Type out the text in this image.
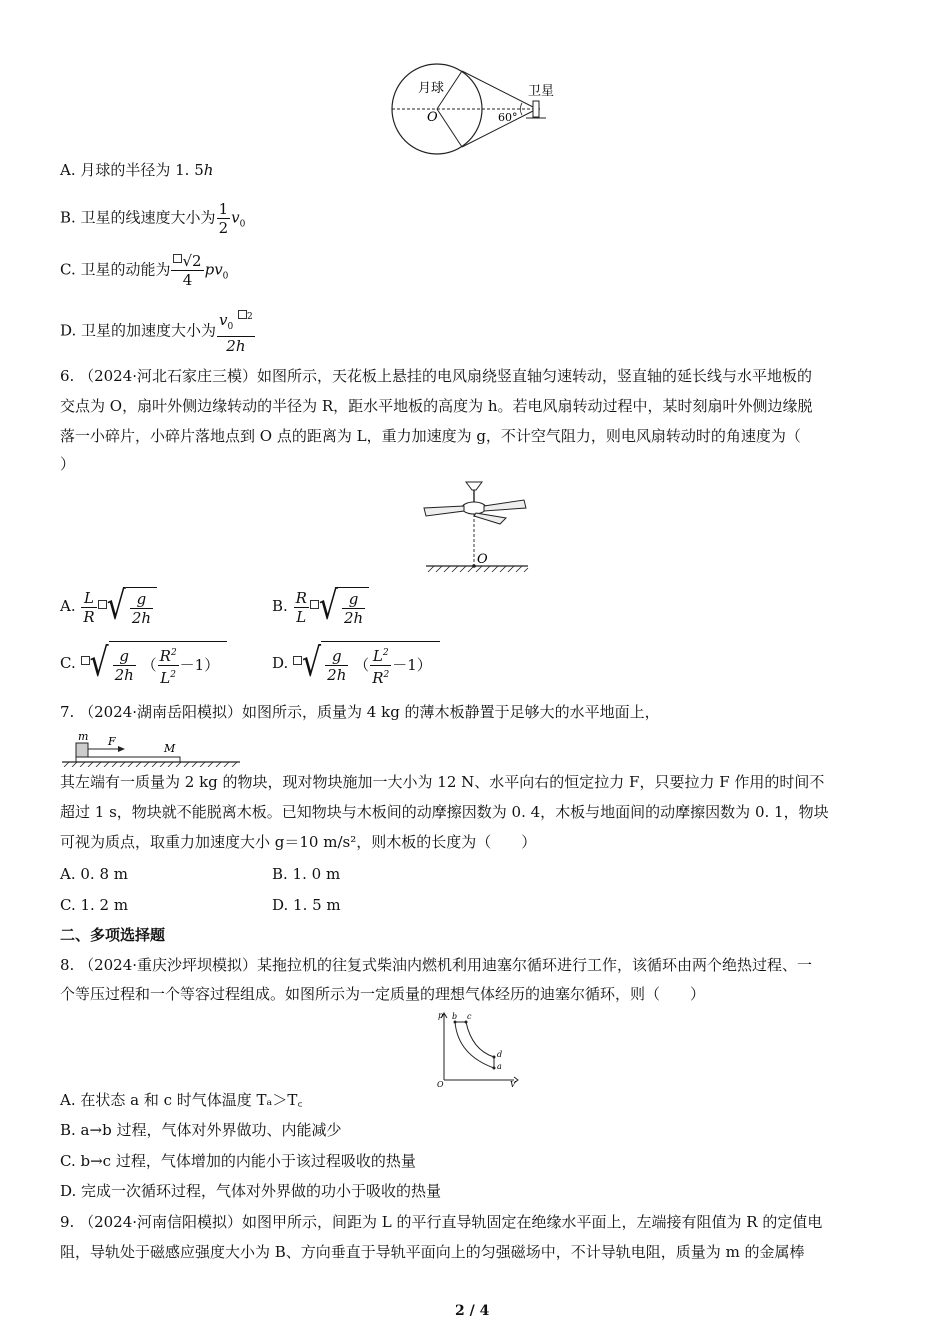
月球
O	60°
卫星
A. 月球的半径为 1. 5h
B. 卫星的线速度大小为 $\frac{1}{2} v_0$
C. 卫星的动能为 $\frac{√2}{4} pv_0$
D. 卫星的加速度大小为 $\frac{v_0 ^2}{2h}$
6. （2024·河北石家庄三模）如图所示，天花板上悬挂的电风扇绕竖直轴匀速转动，竖直轴的延长线与水平地板的
交点为 O，扇叶外侧边缘转动的半径为 R，距水平地板的高度为 h。若电风扇转动过程中，某时刻扇叶外侧边缘脱
落一小碎片，小碎片落地点到 O 点的距离为 L，重力加速度为 g，不计空气阻力，则电风扇转动时的角速度为（
）
O
A. $\frac{L}{R}$ √ $\frac{g}{2h}$	B. $\frac{R}{L}$ √ $\frac{g}{2h}$
C. √ $\frac{g}{2h}$ （ $\frac{R^2}{L^2} -1$）	D. √ $\frac{g}{2h}$ （ $\frac{L^2}{R^2} -1$）
7. （2024·湖南岳阳模拟）如图所示，质量为 4 kg 的薄木板静置于足够大的水平地面上，
m F
M
其左端有一质量为 2 kg 的物块，现对物块施加一大小为 12 N、水平向右的恒定拉力 F，只要拉力 F 作用的时间不
超过 1 s，物块就不能脱离木板。已知物块与木板间的动摩擦因数为 0. 4，木板与地面间的动摩擦因数为 0. 1，物块
可视为质点，取重力加速度大小 g＝10 m/s²，则木板的长度为（　　）
A. 0. 8 m	B. 1. 0 m
C. 1. 2 m	D. 1. 5 m
二、多项选择题
8. （2024·重庆沙坪坝模拟）某拖拉机的往复式柴油内燃机利用迪塞尔循环进行工作，该循环由两个绝热过程、一
个等压过程和一个等容过程组成。如图所示为一定质量的理想气体经历的迪塞尔循环，则（　　）
p
V
O
b c
d
a
A. 在状态 a 和 c 时气体温度 Tₐ＞T꜀
B. a→b 过程，气体对外界做功、内能减少
C. b→c 过程，气体增加的内能小于该过程吸收的热量
D. 完成一次循环过程，气体对外界做的功小于吸收的热量
9. （2024·河南信阳模拟）如图甲所示，间距为 L 的平行直导轨固定在绝缘水平面上，左端接有阻值为 R 的定值电
阻，导轨处于磁感应强度大小为 B、方向垂直于导轨平面向上的匀强磁场中，不计导轨电阻，质量为 m 的金属棒
2 / 4
